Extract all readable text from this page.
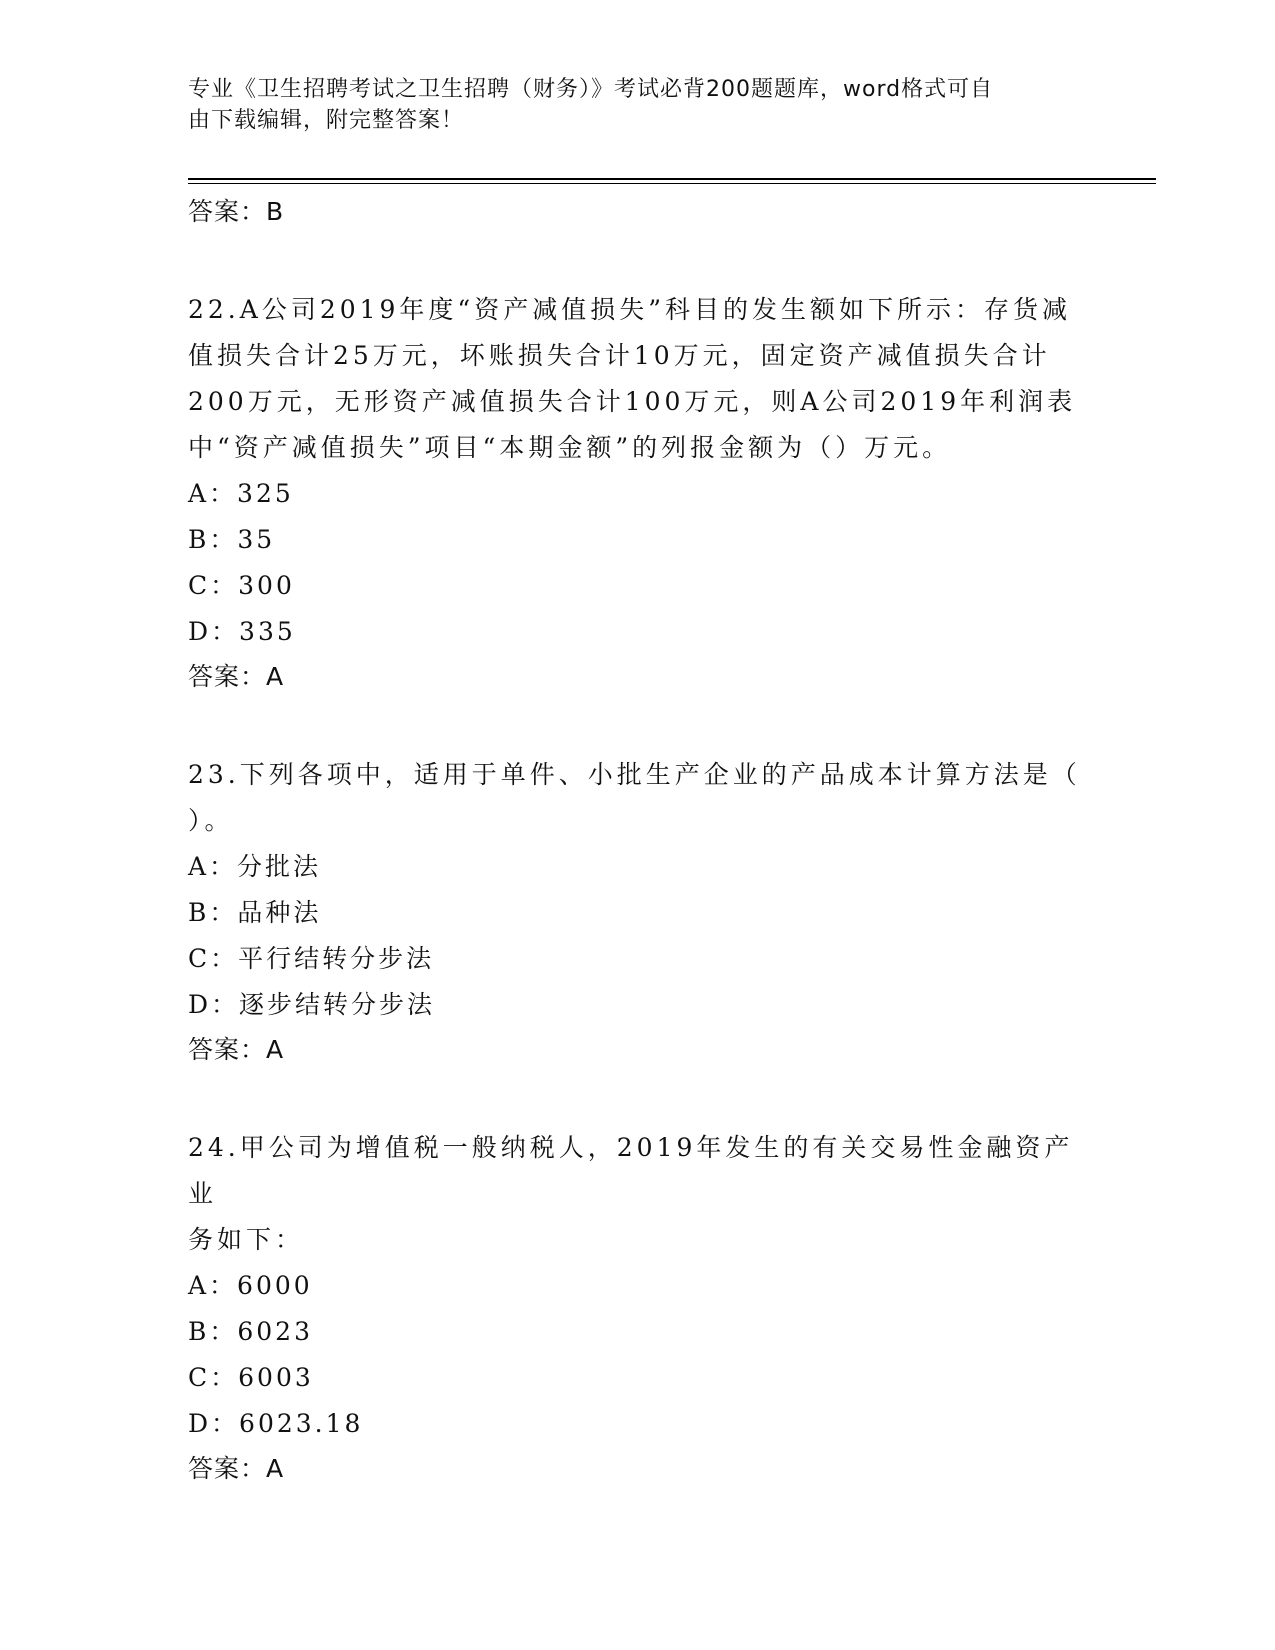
专业《卫生招聘考试之卫生招聘（财务）》考试必背200题题库，word格式可自
由下载编辑，附完整答案！
答案：B
22.A公司2019年度“资产减值损失”科目的发生额如下所示：存货减
值损失合计25万元，坏账损失合计10万元，固定资产减值损失合计
200万元，无形资产减值损失合计100万元，则A公司2019年利润表
中“资产减值损失”项目“本期金额”的列报金额为（）万元。
A：325
B：35
C：300
D：335
答案：A
23.下列各项中，适用于单件、小批生产企业的产品成本计算方法是（
）。
A：分批法
B：品种法
C：平行结转分步法
D：逐步结转分步法
答案：A
24.甲公司为增值税一般纳税人，2019年发生的有关交易性金融资产业
务如下：
A：6000
B：6023
C：6003
D：6023.18
答案：A
